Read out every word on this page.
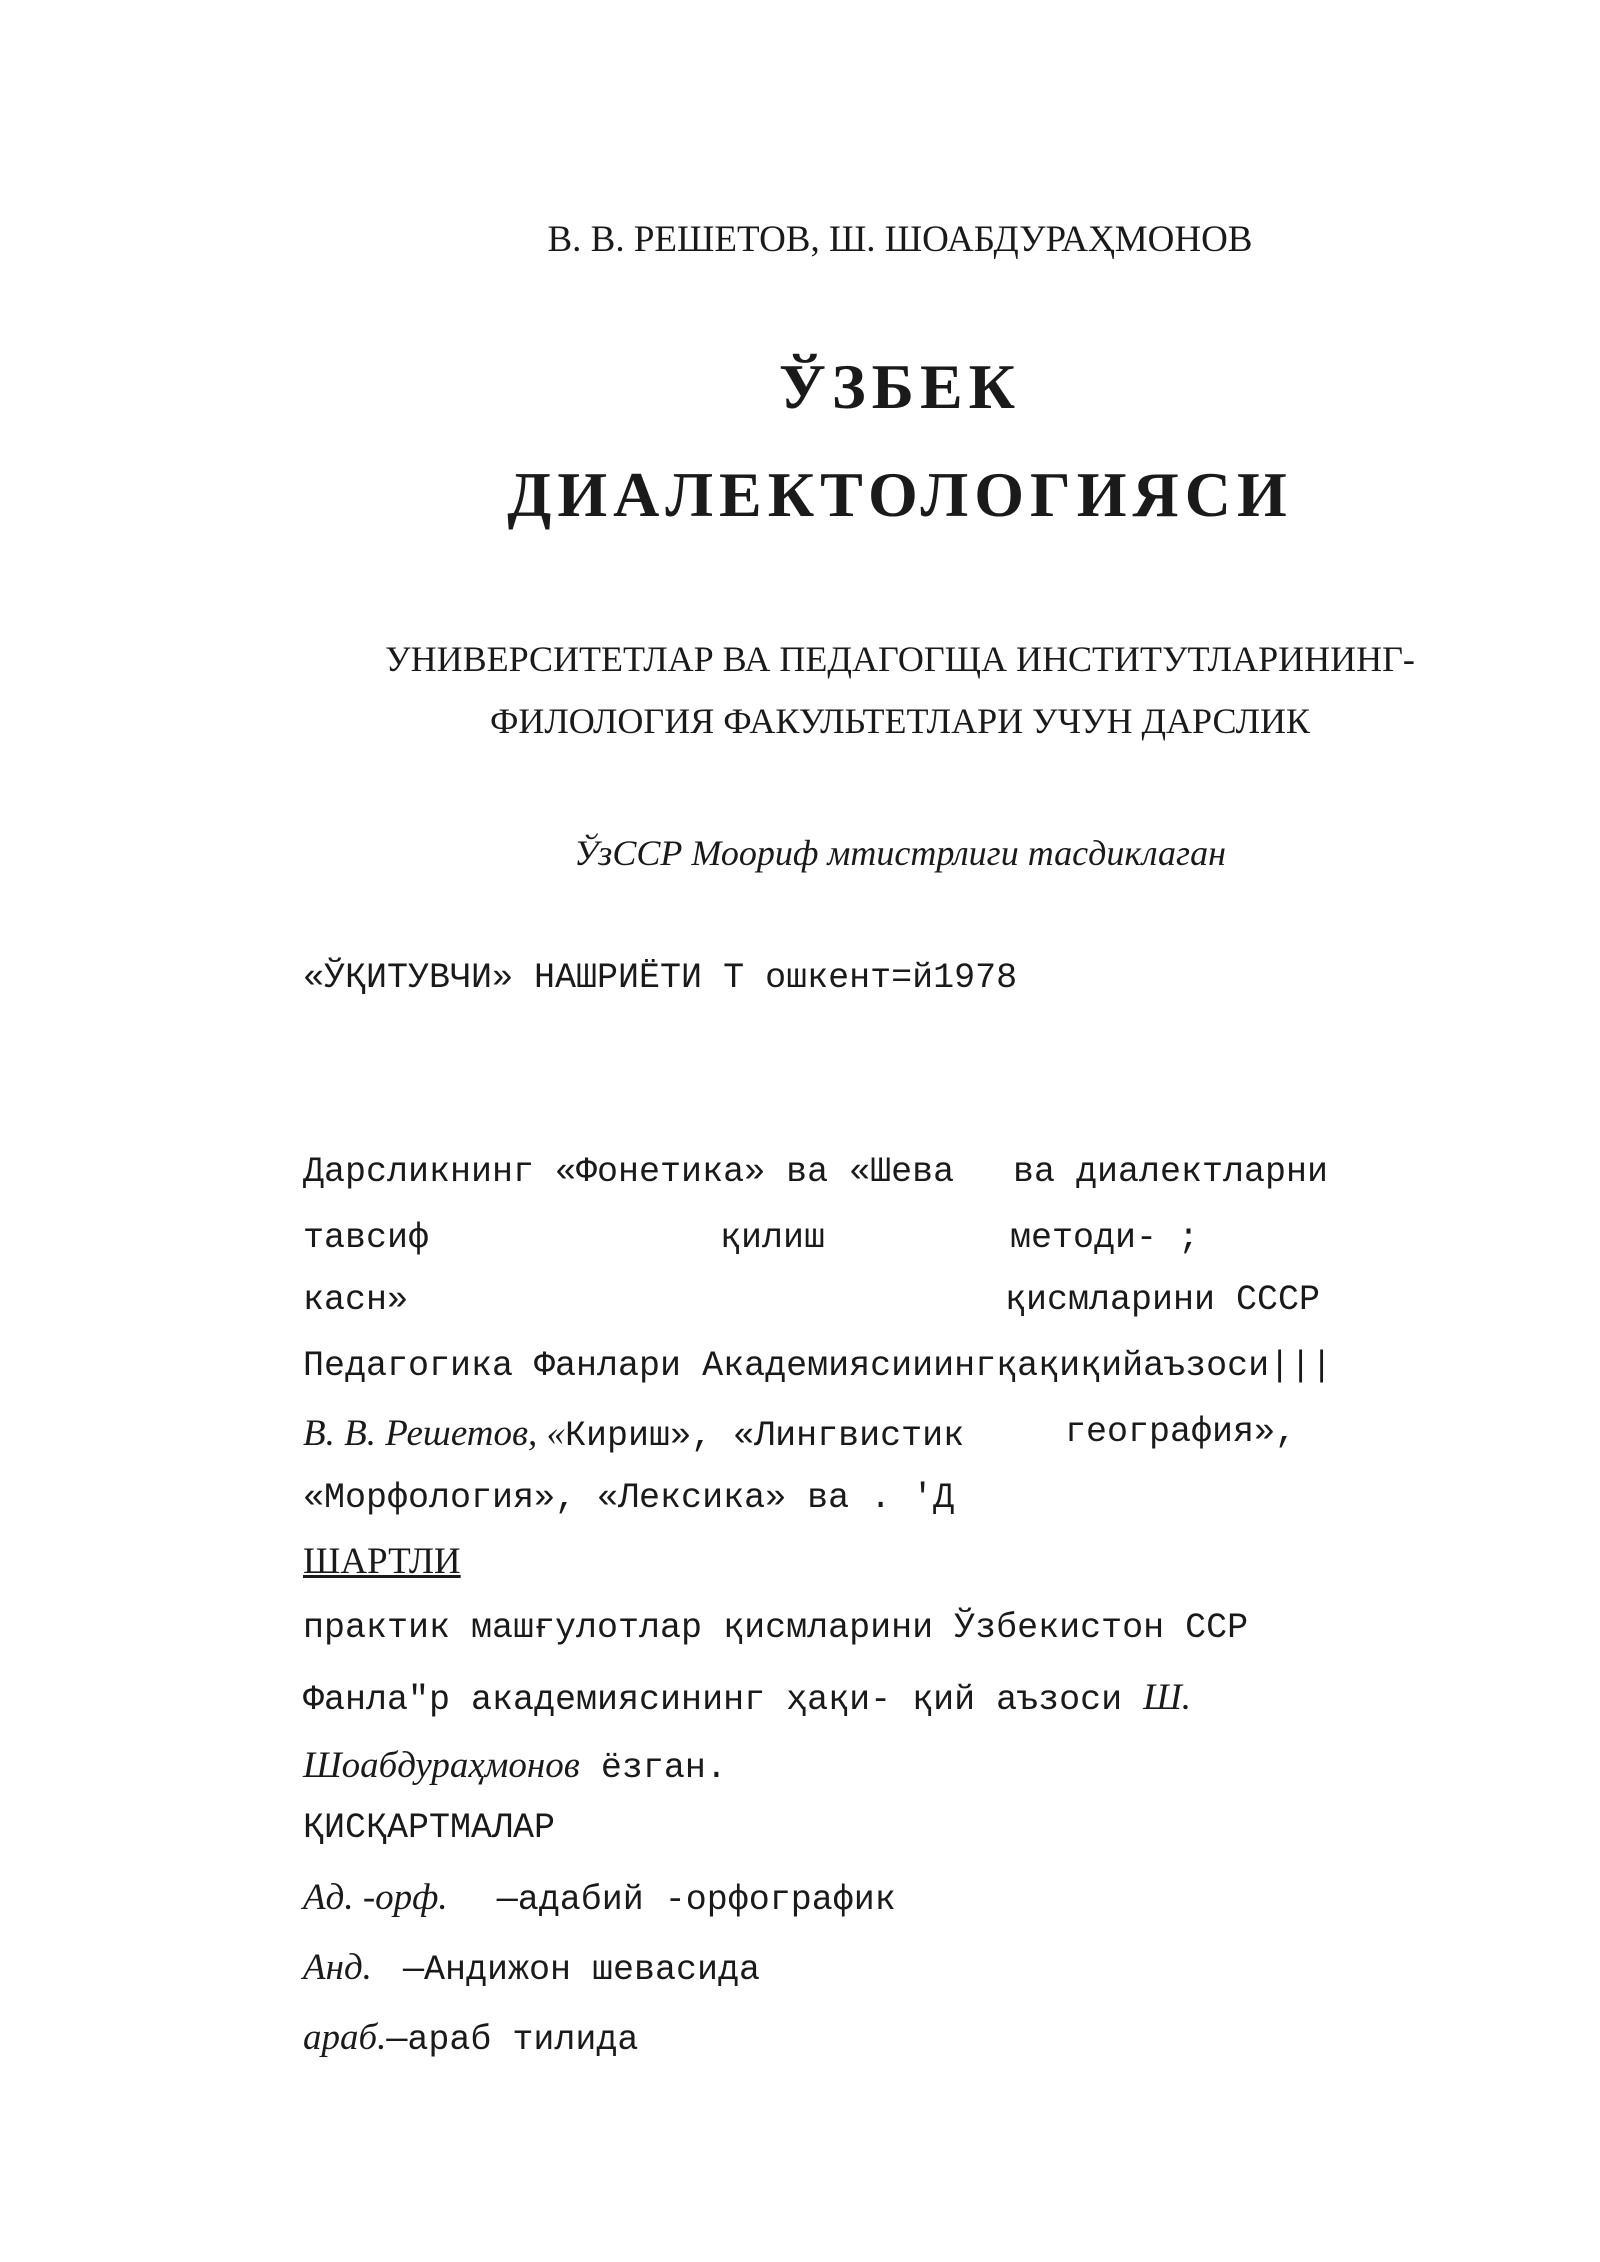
В. В. РЕШЕТОВ, Ш. ШОАБДУРАҲМОНОВ
ЎЗБЕК
ДИАЛЕКТОЛОГИЯСИ
УНИВЕРСИТЕТЛАР ВА ПЕДАГОГЩА ИНСТИТУТЛАРИНИНГ-
ФИЛОЛОГИЯ ФАКУЛЬТЕТЛАРИ УЧУН ДАРСЛИК
ЎзССР Мооpиф мтистрлиги тасдиклаган
«ЎҚИТУВЧИ» НАШРИЁТИ Т ошкент=й1978
Дарсликнинг «Фонетика» ва «Шева ва диалектларни
тавсиф	қилиш	методи- ;
касн»	қисмларини СССР
Педагогика Фанлари Академиясииингқақиқийаъзоси|||
В. В. Решетов, «Кириш», «Лингвистик	география»,
«Морфология», «Лексика» ва . 'Д
ШАРТЛИ
практик машғулотлар қисмларини Ўзбекистон ССР
Фанла"р академиясининг ҳақи- қий аъзоси Ш.
Шоабдураҳмонов ёзган.
ҚИСҚАРТМАЛАР
Ад. -орф. —адабий -орфографик
Анд. —Андижон шевасида
араб.—араб тилида
